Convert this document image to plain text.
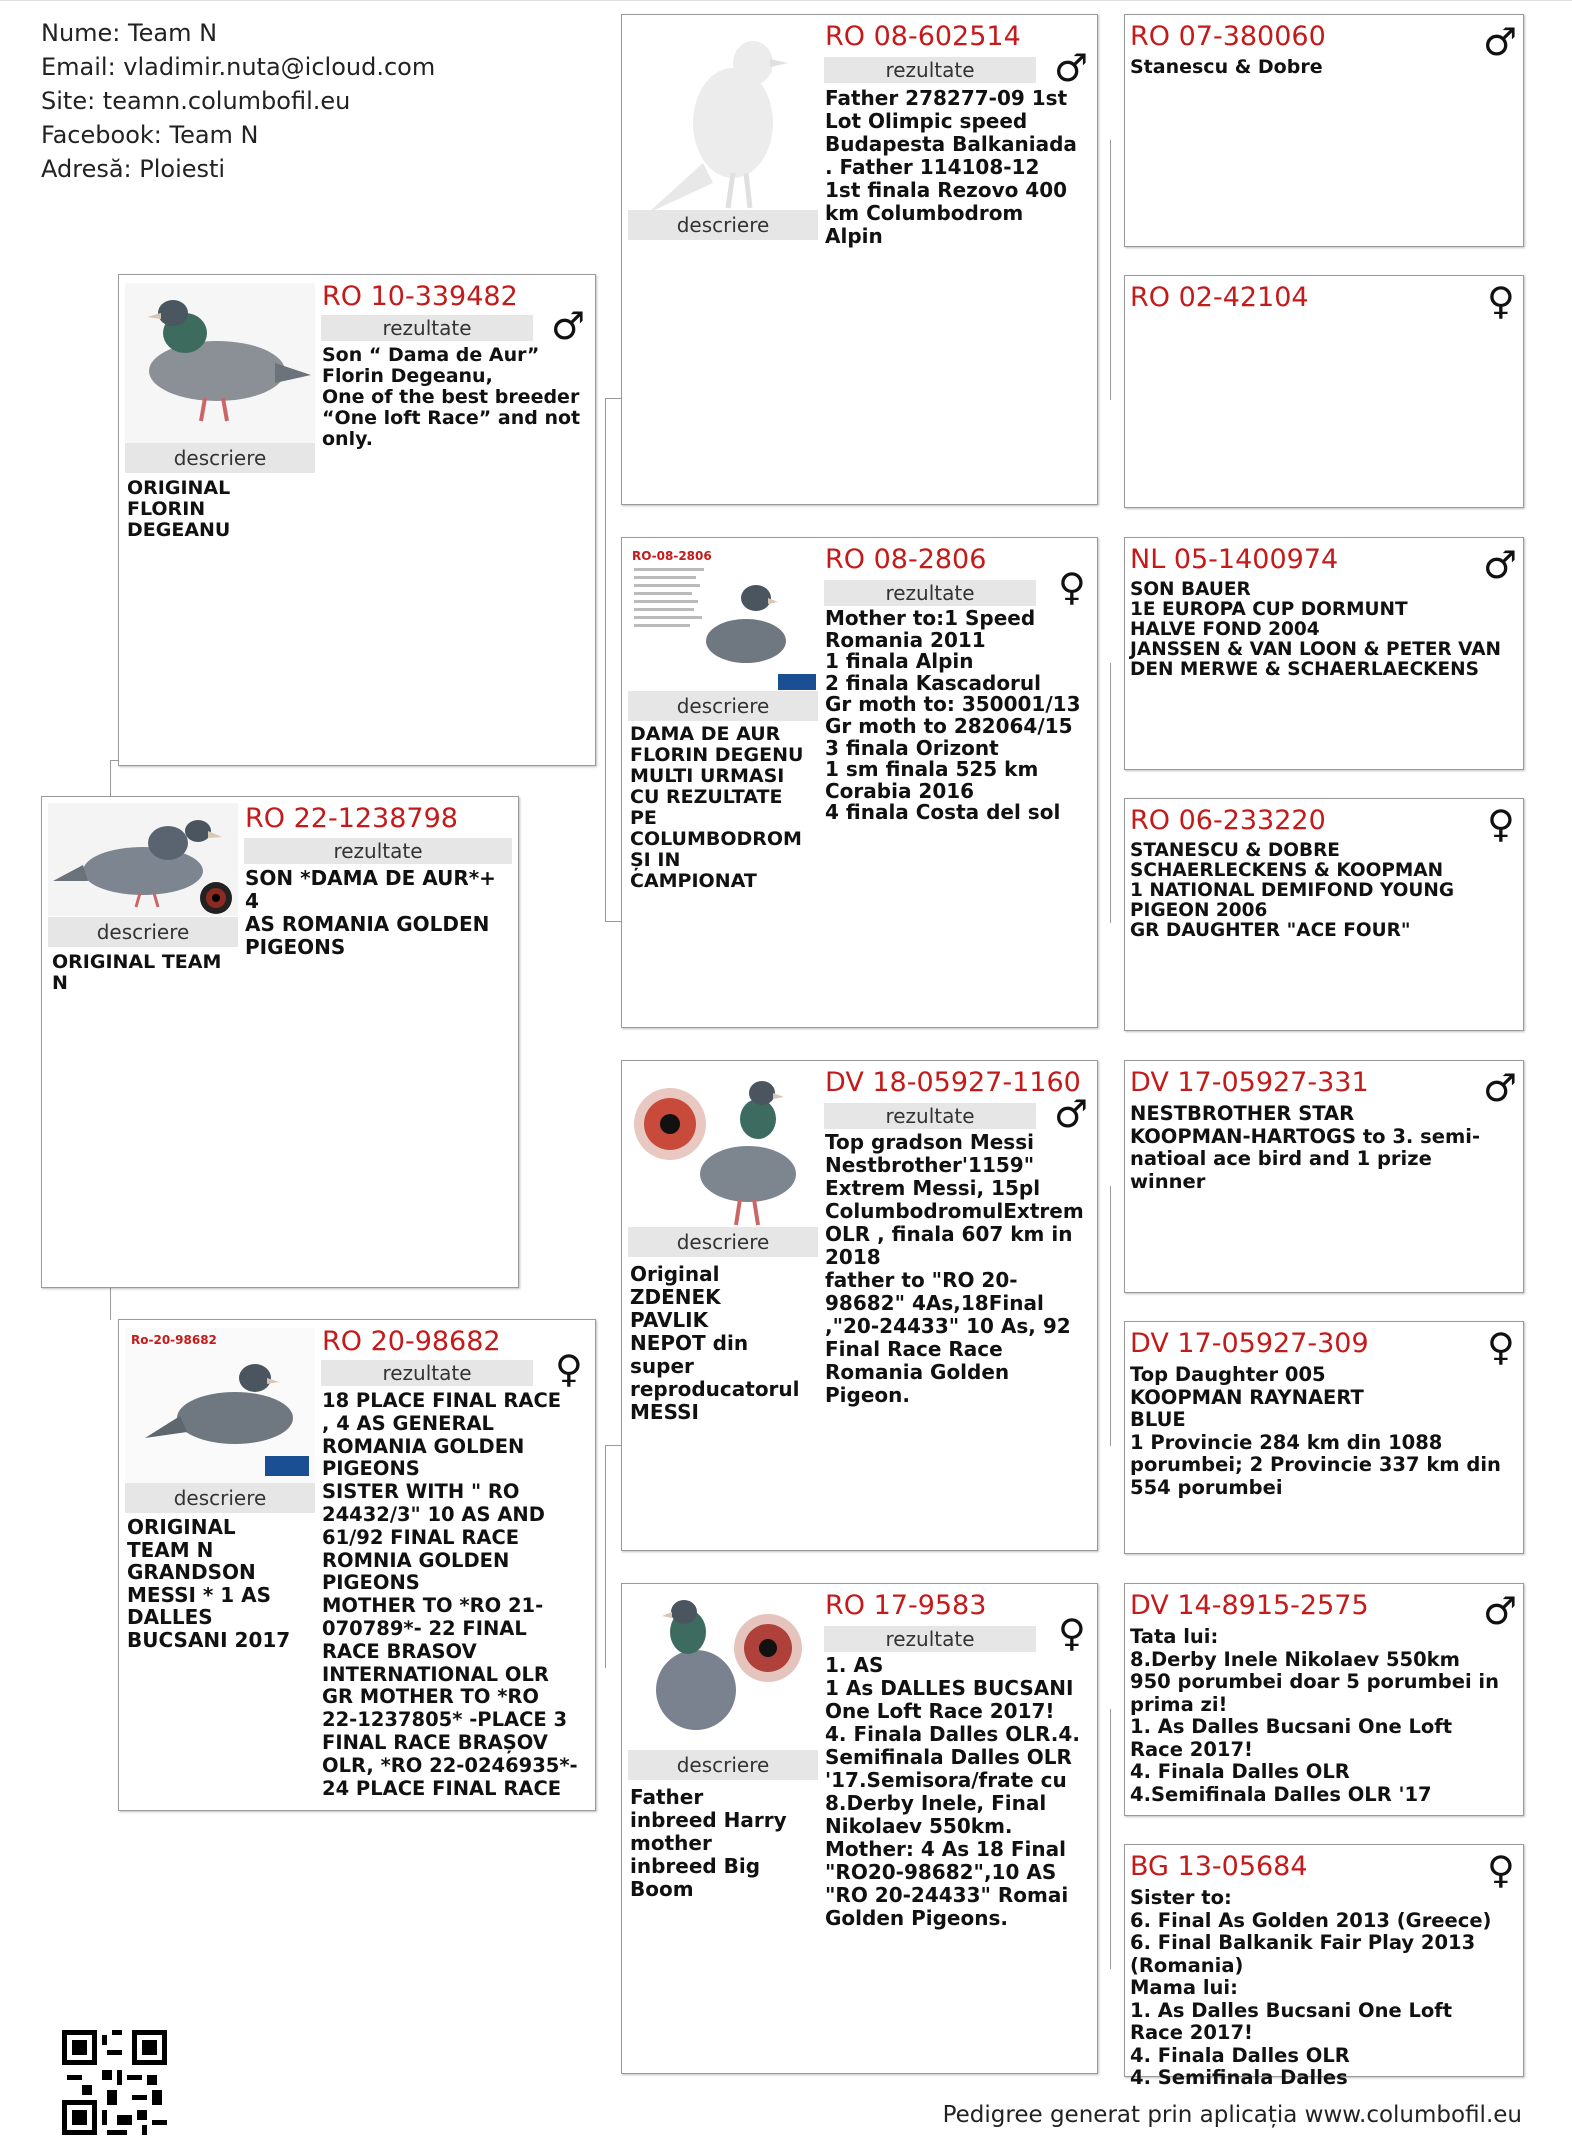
Nume: Team N
Email: vladimir.nuta@icloud.com
Site: teamn.columbofil.eu
Facebook: Team N
Adresă: Ploiesti
descriere
ORIGINAL TEAM
N
RO 22-1238798
rezultate
SON *DAMA DE AUR*+ 4
AS ROMANIA GOLDEN
PIGEONS
descriere
ORIGINAL
FLORIN
DEGEANU
RO 10-339482
rezultate	♂
Son “ Dama de Aur”
Florin Degeanu,
One of the best breeder
“One loft Race” and not
only.
Ro-20-98682
descriere
ORIGINAL
TEAM N
GRANDSON
MESSI * 1 AS
DALLES
BUCSANI 2017
RO 20-98682
rezultate	♀
18 PLACE FINAL RACE
, 4 AS GENERAL
ROMANIA GOLDEN
PIGEONS
SISTER WITH " RO
24432/3" 10 AS AND
61/92 FINAL RACE
ROMNIA GOLDEN
PIGEONS
MOTHER TO *RO 21-
070789*- 22 FINAL
RACE BRASOV
INTERNATIONAL OLR
GR MOTHER TO *RO
22-1237805* -PLACE 3
FINAL RACE BRAȘOV
OLR, *RO 22-0246935*-
24 PLACE FINAL RACE
descriere
RO 08-602514
rezultate	♂
Father 278277-09 1st
Lot Olimpic speed
Budapesta Balkaniada
. Father 114108-12
1st finala Rezovo 400
km Columbodrom
Alpin
RO-08-2806
descriere
DAMA DE AUR
FLORIN DEGENU
MULTI URMASI
CU REZULTATE
PE
COLUMBODROM
ȘI IN
CAMPIONAT
RO 08-2806
rezultate	♀
Mother to:1 Speed
Romania 2011
1 finala Alpin
2 finala Kascadorul
Gr moth to: 350001/13
Gr moth to 282064/15
3 finala Orizont
1 sm finala 525 km
Corabia 2016
4 finala Costa del sol
descriere
Original
ZDENEK
PAVLIK
NEPOT din
super
reproducatorul
MESSI
DV 18-05927-1160
rezultate	♂
Top gradson Messi
Nestbrother'1159"
Extrem Messi, 15pl
ColumbodromulExtrem
OLR , finala 607 km in
2018
father to "RO 20-
98682" 4As,18Final
,"20-24433" 10 As, 92
Final Race Race
Romania Golden
Pigeon.
descriere
Father
inbreed Harry
mother
inbreed Big
Boom
RO 17-9583
rezultate	♀
1. AS
1 As DALLES BUCSANI
One Loft Race 2017!
4. Finala Dalles OLR.4.
Semifinala Dalles OLR
'17.Semisora/frate cu
8.Derby Inele, Final
Nikolaev 550km.
Mother: 4 As 18 Final
"RO20-98682",10 AS
"RO 20-24433" Romai
Golden Pigeons.
RO 07-380060	♂
Stanescu & Dobre
RO 02-42104	♀
NL 05-1400974	♂
SON BAUER
1E EUROPA CUP DORMUNT
HALVE FOND 2004
JANSSEN & VAN LOON & PETER VAN
DEN MERWE & SCHAERLAECKENS
RO 06-233220	♀
STANESCU & DOBRE
SCHAERLECKENS & KOOPMAN
1 NATIONAL DEMIFOND YOUNG
PIGEON 2006
GR DAUGHTER "ACE FOUR"
DV 17-05927-331	♂
NESTBROTHER STAR
KOOPMAN-HARTOGS to 3. semi-
natioal ace bird and 1 prize
winner
DV 17-05927-309	♀
Top Daughter 005
KOOPMAN RAYNAERT
BLUE
1 Provincie 284 km din 1088
porumbei; 2 Provincie 337 km din
554 porumbei
DV 14-8915-2575	♂
Tata lui:
8.Derby Inele Nikolaev 550km
950 porumbei doar 5 porumbei in
prima zi!
1. As Dalles Bucsani One Loft
Race 2017!
4. Finala Dalles OLR
4.Semifinala Dalles OLR '17
BG 13-05684	♀
Sister to:
6. Final As Golden 2013 (Greece)
6. Final Balkanik Fair Play 2013
(Romania)
Mama lui:
1. As Dalles Bucsani One Loft
Race 2017!
4. Finala Dalles OLR
4. Semifinala Dalles
Pedigree generat prin aplicația www.columbofil.eu
